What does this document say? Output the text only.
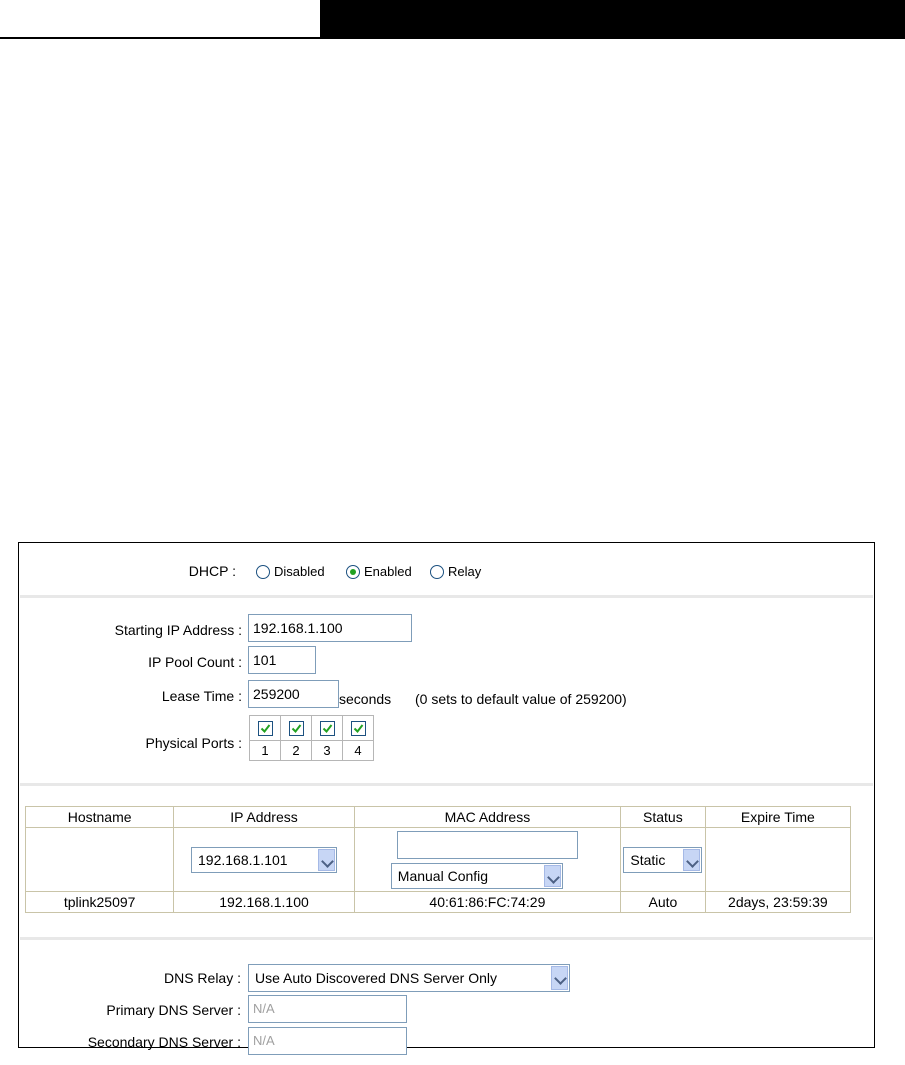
DHCP :	Disabled	Enabled	Relay
Starting IP Address : 192.168.1.100
IP Pool Count : 101
Lease Time : 259200	seconds (0 sets to default value of 259200)
Physical Ports :

	1	2	3	4
Hostname	IP Address	MAC Address	Status	Expire Time
	192.168.1.101	Manual Config	Static

tplink25097	192.168.1.100	40:61:86:FC:74:29	Auto	2days, 23:59:39
DNS Relay :	Use Auto Discovered DNS Server Only
Primary DNS Server : N/A
Secondary DNS Server : N/A
